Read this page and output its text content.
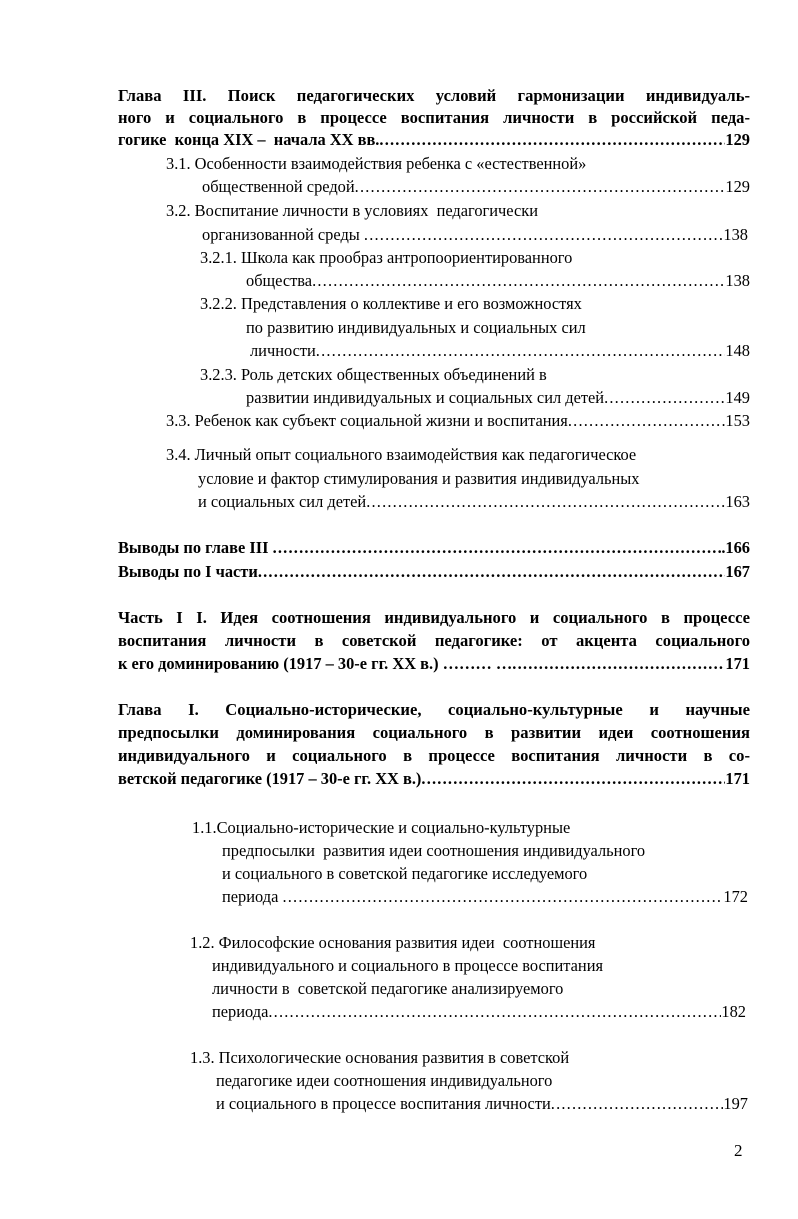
Глава III. Поиск педагогических условий гармонизации индивидуаль-
ного и социального в процессе воспитания личности в российской педа-
гогике  конца XIX –  начала XX вв. .....	129
3.1. Особенности взаимодействия ребенка с «естественной»
общественной средой .....	129
3.2. Воспитание личности в условиях  педагогически
организованной среды .....	138
3.2.1. Школа как прообраз антропоориентированного
общества .....	138
3.2.2. Представления о коллективе и его возможностях
по развитию индивидуальных и социальных сил
личности .....	148
3.2.3. Роль детских общественных объединений в
развитии индивидуальных и социальных сил детей .....	149
3.3. Ребенок как субъект социальной жизни и воспитания .....	153
3.4. Личный опыт социального взаимодействия как педагогическое
условие и фактор стимулирования и развития индивидуальных
и социальных сил детей .....	163
Выводы по главе III .....	.166
Выводы по I части .....	167
Часть I I. Идея соотношения индивидуального и социального в процессе
воспитания личности в советской педагогике: от акцента социального
к его доминированию (1917 – 30-е гг. XX в.) ……… … .....	171
Глава I. Социально-исторические, социально-культурные и научные
предпосылки доминирования социального в развитии идеи соотношения
индивидуального и социального в процессе воспитания личности в со-
ветской педагогике (1917 – 30-е гг. XX в.) .....	171
1.1.Социально-исторические и социально-культурные
предпосылки  развития идеи соотношения индивидуального
и социального в советской педагогике исследуемого
периода .....	172
1.2. Философские основания развития идеи  соотношения
индивидуального и социального в процессе воспитания
личности в  советской педагогике анализируемого
периода .....	182
1.3. Психологические основания развития в советской
педагогике идеи соотношения индивидуального
и социального в процессе воспитания личности .....	197
2
